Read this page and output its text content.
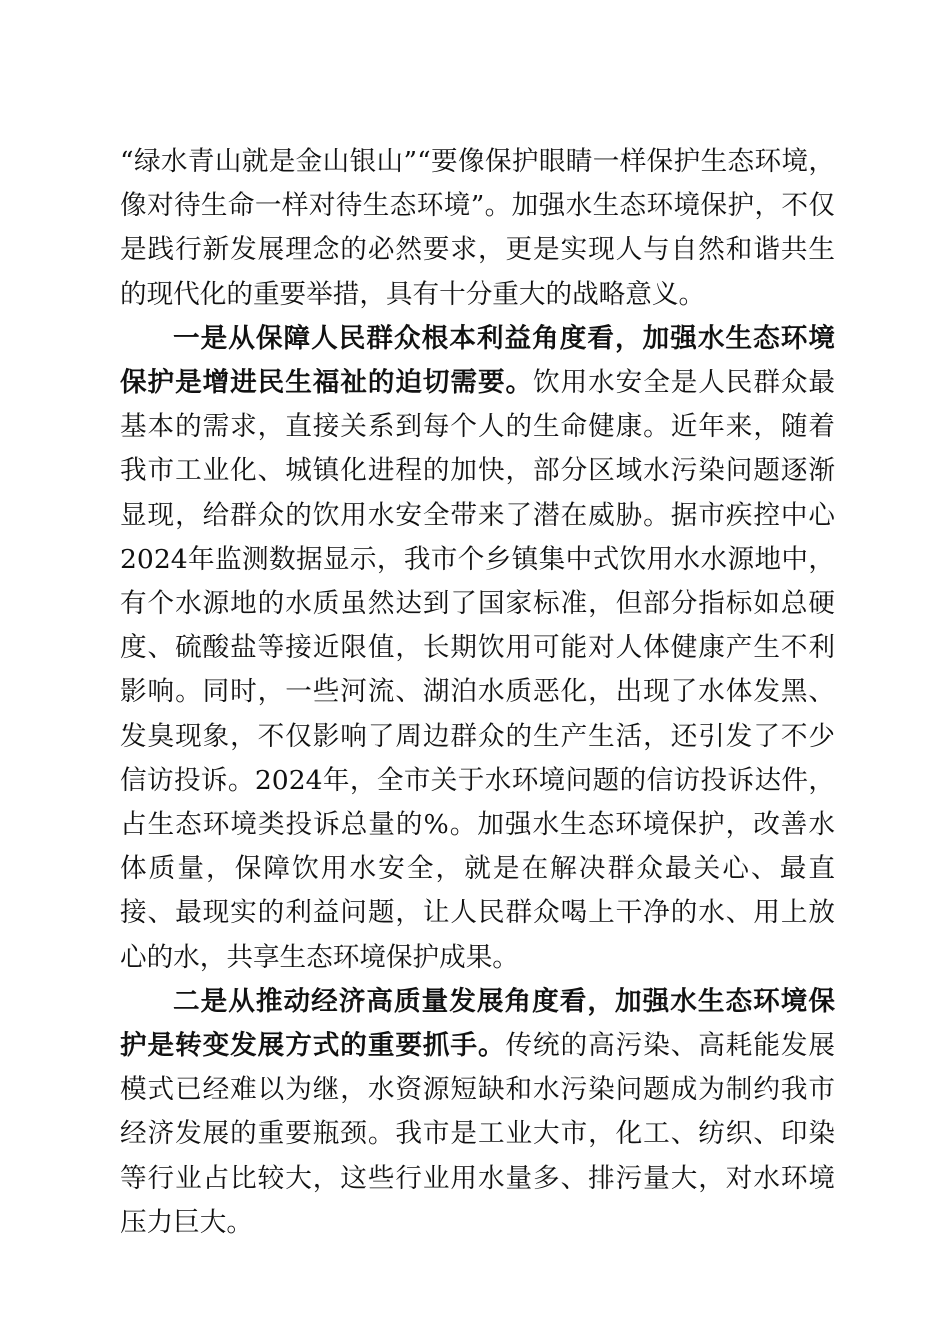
“绿水青山就是金山银山”“要像保护眼睛一样保护生态环境，像对待生命一样对待生态环境”。加强水生态环境保护，不仅是践行新发展理念的必然要求，更是实现人与自然和谐共生的现代化的重要举措，具有十分重大的战略意义。

一是从保障人民群众根本利益角度看，加强水生态环境保护是增进民生福祉的迫切需要。饮用水安全是人民群众最基本的需求，直接关系到每个人的生命健康。近年来，随着我市工业化、城镇化进程的加快，部分区域水污染问题逐渐显现，给群众的饮用水安全带来了潜在威胁。据市疾控中心2024年监测数据显示，我市个乡镇集中式饮用水水源地中，有个水源地的水质虽然达到了国家标准，但部分指标如总硬度、硫酸盐等接近限值，长期饮用可能对人体健康产生不利影响。同时，一些河流、湖泊水质恶化，出现了水体发黑、发臭现象，不仅影响了周边群众的生产生活，还引发了不少信访投诉。2024年，全市关于水环境问题的信访投诉达件，占生态环境类投诉总量的%。加强水生态环境保护，改善水体质量，保障饮用水安全，就是在解决群众最关心、最直接、最现实的利益问题，让人民群众喝上干净的水、用上放心的水，共享生态环境保护成果。

二是从推动经济高质量发展角度看，加强水生态环境保护是转变发展方式的重要抓手。传统的高污染、高耗能发展模式已经难以为继，水资源短缺和水污染问题成为制约我市经济发展的重要瓶颈。我市是工业大市，化工、纺织、印染等行业占比较大，这些行业用水量多、排污量大，对水环境压力巨大。
